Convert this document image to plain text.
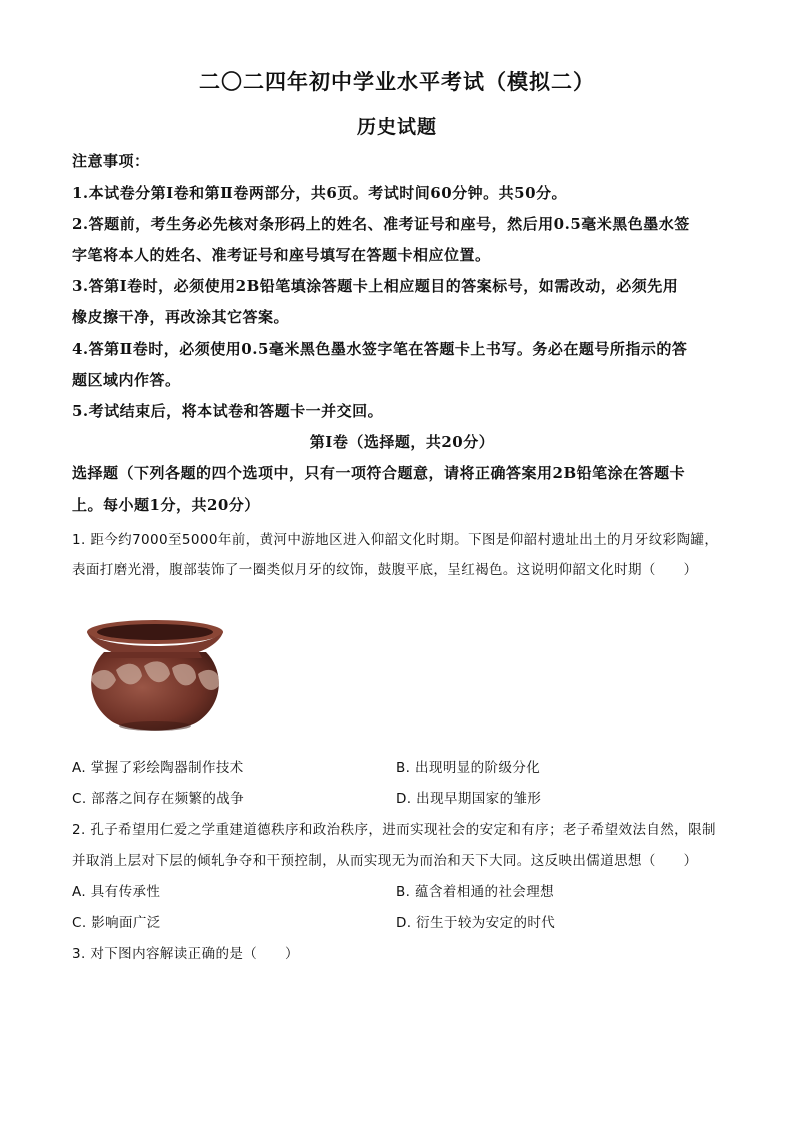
二〇二四年初中学业水平考试（模拟二）
历史试题
注意事项：
1.本试卷分第Ⅰ卷和第Ⅱ卷两部分，共6页。考试时间60分钟。共50分。
2.答题前，考生务必先核对条形码上的姓名、准考证号和座号，然后用0.5毫米黑色墨水签
字笔将本人的姓名、准考证号和座号填写在答题卡相应位置。
3.答第Ⅰ卷时，必须使用2B铅笔填涂答题卡上相应题目的答案标号，如需改动，必须先用
橡皮擦干净，再改涂其它答案。
4.答第Ⅱ卷时，必须使用0.5毫米黑色墨水签字笔在答题卡上书写。务必在题号所指示的答
题区域内作答。
5.考试结束后，将本试卷和答题卡一并交回。
第Ⅰ卷（选择题，共20分）
选择题（下列各题的四个选项中，只有一项符合题意，请将正确答案用2B铅笔涂在答题卡
上。每小题1分，共20分）
1. 距今约7000至5000年前，黄河中游地区进入仰韶文化时期。下图是仰韶村遗址出土的月牙纹彩陶罐，
表面打磨光滑，腹部装饰了一圈类似月牙的纹饰，鼓腹平底，呈红褐色。这说明仰韶文化时期（　　）
A. 掌握了彩绘陶器制作技术	B. 出现明显的阶级分化
C. 部落之间存在频繁的战争	D. 出现早期国家的雏形
2. 孔子希望用仁爱之学重建道德秩序和政治秩序，进而实现社会的安定和有序；老子希望效法自然，限制
并取消上层对下层的倾轧争夺和干预控制，从而实现无为而治和天下大同。这反映出儒道思想（　　）
A. 具有传承性	B. 蕴含着相通的社会理想
C. 影响面广泛	D. 衍生于较为安定的时代
3. 对下图内容解读正确的是（　　）
